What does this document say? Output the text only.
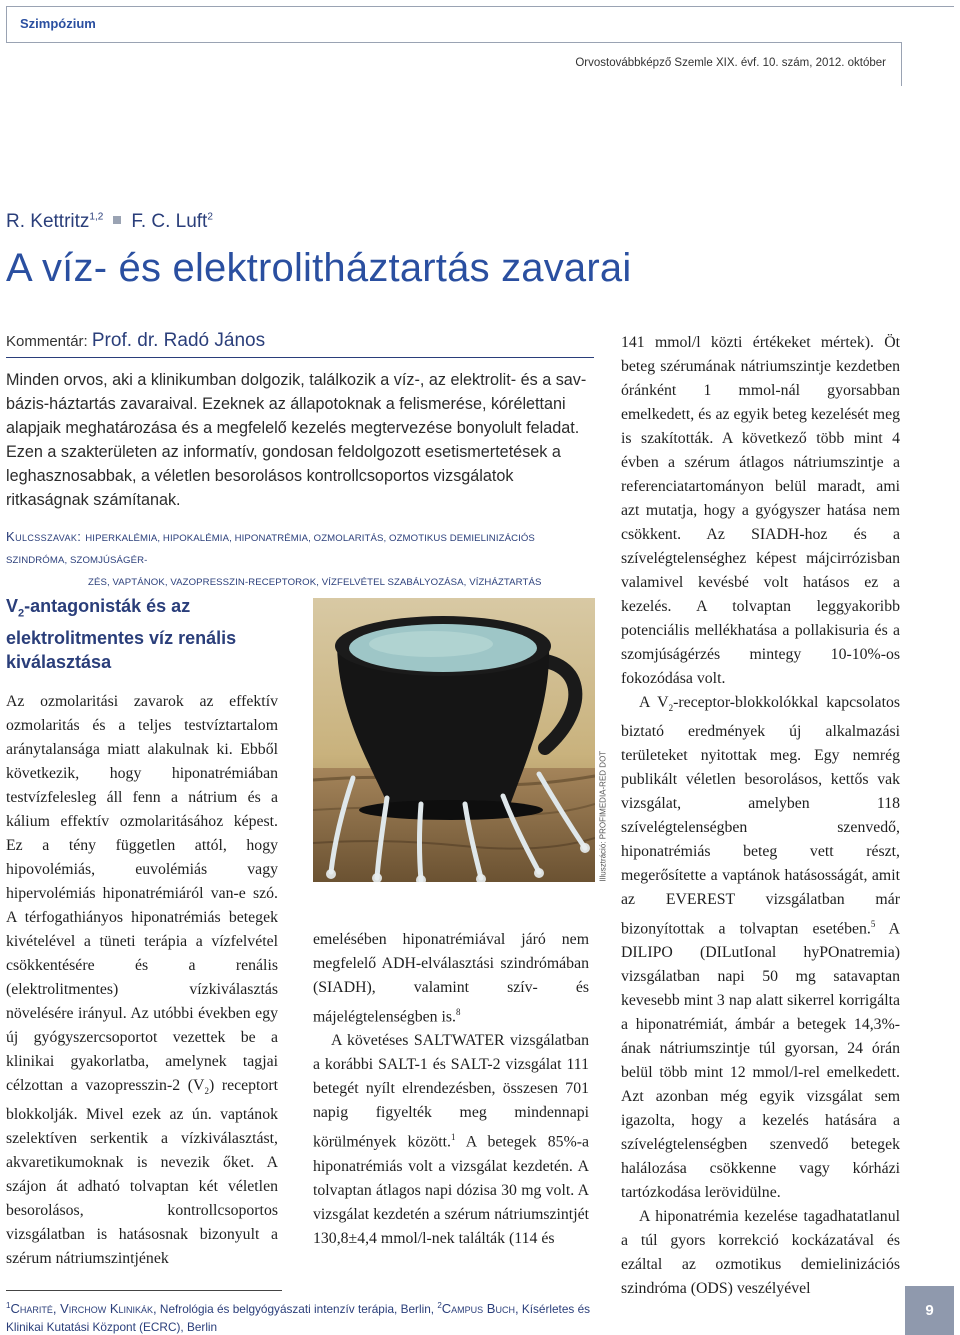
Szimpózium
Orvostovábbképző Szemle XIX. évf. 10. szám, 2012. október
R. Kettritz$^{1,2}$ F. C. Luft$^2$
A víz- és elektrolitháztartás zavarai
Kommentár: Prof. dr. Radó János

Minden orvos, aki a klinikumban dolgozik, találkozik a víz-, az elektrolit- és a sav-bázis-háztartás zavaraival. Ezeknek az állapotoknak a felismerése, kórélettani alapjaik meghatározása és a megfelelő kezelés megtervezése bonyolult feladat. Ezen a szakterületen az informatív, gondosan feldolgozott esetismertetések a leghasznosabbak, a véletlen besorolásos kontrollcsoportos vizsgálatok ritkaságnak számítanak.

Kulcsszavak: HIPERKALÉMIA, HIPOKALÉMIA, HIPONATRÉMIA, OZMOLARITÁS, OZMOTIKUS DEMIELINIZÁCIÓS SZINDRÓMA, SZOMJÚSÁGÉR-
ZÉS, VAPTÁNOK, VAZOPRESSZIN-RECEPTOROK, VÍZFELVÉTEL SZABÁLYOZÁSA, VÍZHÁZTARTÁS
$V_2$-antagonisták és az elektrolitmentes víz renális kiválasztása

Az ozmolaritási zavarok az effektív ozmolaritás és a teljes testvíztartalom aránytalansága miatt alakulnak ki. Ebből következik, hogy hiponatrémiában testvízfelesleg áll fenn a nátrium és a kálium effektív ozmolaritásához képest. Ez a tény független attól, hogy hipovolémiás, euvolémiás vagy hipervolémiás hiponatrémiáról van-e szó. A térfogathiányos hiponatrémiás betegek kivételével a tüneti terápia a vízfelvétel csökkentésére és a renális (elektrolitmentes) vízkiválasztás növelésére irányul. Az utóbbi években egy új gyógyszercsoportot vezettek be a klinikai gyakorlatba, amelynek tagjai célzottan a vazopresszin-2 $(V_2)$ receptort blokkolják. Mivel ezek az ún. vaptánok szelektíven serkentik a vízkiválasztást, akvaretikumoknak is nevezik őket. A szájon át adható tolvaptan két véletlen besorolásos, kontrollcsoportos vizsgálatban is hatásosnak bizonyult a szérum nátriumszintjének

Illusztráció: PROFIMEDIA-RED DOT

emelésében hiponatrémiával járó nem megfelelő ADH-elválasztási szindrómában (SIADH), valamint szív- és májelégtelenségben is.$^8$

A követéses SALTWATER vizsgálatban a korábbi SALT-1 és SALT-2 vizsgálat 111 betegét nyílt elrendezésben, összesen 701 napig figyelték meg mindennapi körülmények között.$^1$ A betegek 85%-a hiponatrémiás volt a vizsgálat kezdetén. A tolvaptan átlagos napi dózisa 30 mg volt. A vizsgálat kezdetén a szérum nátriumszintjét 130,8±4,4 mmol/l-nek találták (114 és

141 mmol/l közti értékeket mértek). Öt beteg szérumának nátriumszintje kezdetben óránként 1 mmol-nál gyorsabban emelkedett, és az egyik beteg kezelését meg is szakították. A következő több mint 4 évben a szérum átlagos nátriumszintje a referenciatartományon belül maradt, ami azt mutatja, hogy a gyógyszer hatása nem csökkent. Az SIADH-hoz és a szívelégtelenséghez képest májcirrózisban valamivel kevésbé volt hatásos ez a kezelés. A tolvaptan leggyakoribb potenciális mellékhatása a pollakisuria és a szomjúságérzés mintegy 10-10%-os fokozódása volt.

A $V_2-receptor$-blokkolókkal kapcsolatos biztató eredmények új alkalmazási területeket nyitottak meg. Egy nemrég publikált véletlen besorolásos, kettős vak vizsgálat, amelyben 118 szívelégtelenségben szenvedő, hiponatrémiás beteg vett részt, megerősítette a vaptánok hatásosságát, amit az EVEREST vizsgálatban már bizonyítottak a tolvaptan esetében.$^5$ A DILIPO (DILutIonal hyPOnatremia) vizsgálatban napi 50 mg satavaptan kevesebb mint 3 nap alatt sikerrel korrigálta a hiponatrémiát, ámbár a betegek 14,3%-ának nátriumszintje túl gyorsan, 24 órán belül több mint 12 mmol/l-rel emelkedett. Azt azonban még egyik vizsgálat sem igazolta, hogy a kezelés hatására a szívelégtelenségben szenvedő betegek halálozása csökkenne vagy kórházi tartózkodása lerövidülne.

A hiponatrémia kezelése tagadhatatlanul a túl gyors korrekció kockázatával és ezáltal az ozmotikus demielinizációs szindróma (ODS) veszélyével

$^1$Charité, Virchow Klinikák, Nefrológia és belgyógyászati intenzív terápia, Berlin, $^2$Campus Buch, Kísérletes és Klinikai Kutatási Központ (ECRC), Berlin
9
